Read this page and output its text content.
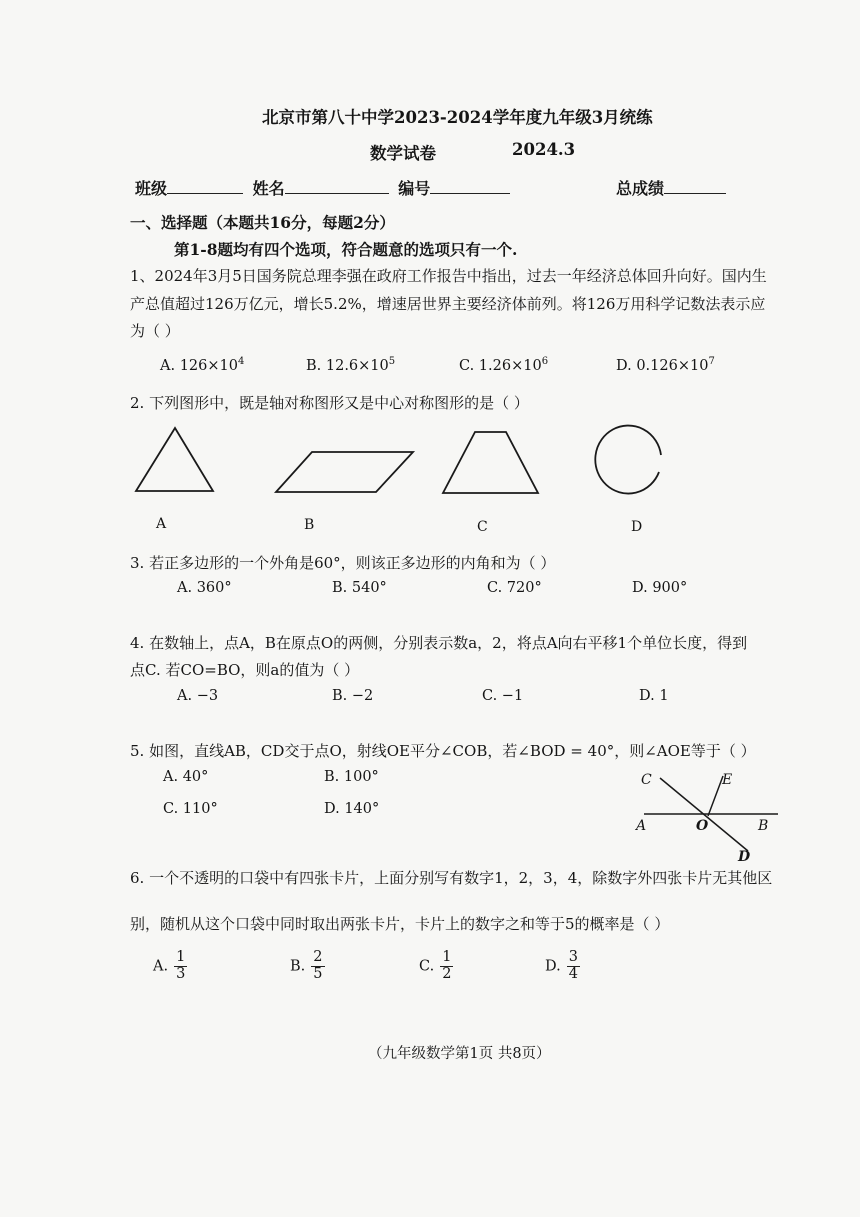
北京市第八十中学2023-2024学年度九年级3月统练
数学试卷	2024.3
班级	姓名	编号	总成绩
一、选择题（本题共16分，每题2分）
第1-8题均有四个选项，符合题意的选项只有一个.
1、2024年3月5日国务院总理李强在政府工作报告中指出，过去一年经济总体回升向好。国内生
产总值超过126万亿元，增长5.2%，增速居世界主要经济体前列。将126万用科学记数法表示应
为（ ）
A. $126\times 10^4$	B. $12.6\times 10^5$	C. $1.26\times 10^6$	D. $0.126\times 10^7$
2. 下列图形中，既是轴对称图形又是中心对称图形的是（ ）
A	B	C	D
3. 若正多边形的一个外角是60°，则该正多边形的内角和为（ ）
A. 360°	B. 540°	C. 720°	D. 900°
4. 在数轴上，点A，B在原点O的两侧，分别表示数a，2，将点A向右平移1个单位长度，得到
点C. 若CO=BO，则a的值为（ ）
A. −3	B. −2	C. −1	D. 1
5. 如图，直线AB，CD交于点O，射线OE平分∠COB，若∠BOD = 40°，则∠AOE等于（ ）
A. 40°	B. 100°
C. 110°	D. 140°
C	E
A	O	B
D
6. 一个不透明的口袋中有四张卡片，上面分别写有数字1，2，3，4，除数字外四张卡片无其他区
别，随机从这个口袋中同时取出两张卡片，卡片上的数字之和等于5的概率是（ ）
A. $\frac{1}{3}$	B. $\frac{2}{5}$	C. $\frac{1}{2}$	D. $\frac{3}{4}$
（九年级数学第1页 共8页）
